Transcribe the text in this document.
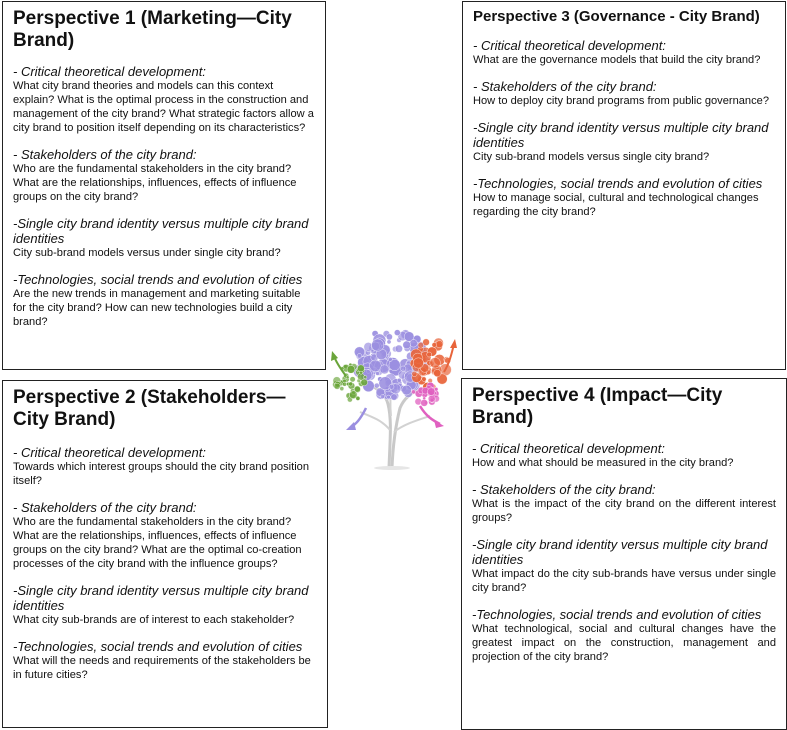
Perspective 1 (Marketing—City Brand)
- Critical theoretical development:
What city brand theories and models can this context explain? What is the optimal process in the construction and management of the city brand? What strategic factors allow a city brand to position itself depending on its characteristics?
- Stakeholders of the city brand:
Who are the fundamental stakeholders in the city brand? What are the relationships, influences, effects of influence groups on the city brand?
-Single city brand identity versus multiple city brand identities
City sub-brand models versus under single city brand?
-Technologies, social trends and evolution of cities
Are the new trends in management and marketing suitable for the city brand? How can new technologies build a city brand?
Perspective 3 (Governance - City Brand)
- Critical theoretical development:
What are the governance models that build the city brand?
- Stakeholders of the city brand:
How to deploy city brand programs from public governance?
-Single city brand identity versus multiple city brand identities
City sub-brand models versus single city brand?
-Technologies, social trends and evolution of cities
How to manage social, cultural and technological changes regarding the city brand?
Perspective 2 (Stakeholders—City Brand)
- Critical theoretical development:
Towards which interest groups should the city brand position itself?
- Stakeholders of the city brand:
Who are the fundamental stakeholders in the city brand? What are the relationships, influences, effects of influence groups on the city brand? What are the optimal co-creation processes of the city brand with the influence groups?
-Single city brand identity versus multiple city brand identities
What city sub-brands are of interest to each stakeholder?
-Technologies, social trends and evolution of cities
What will the needs and requirements of the stakeholders be in future cities?
Perspective 4 (Impact—City Brand)
- Critical theoretical development:
How and what should be measured in the city brand?
- Stakeholders of the city brand:
What is the impact of the city brand on the different interest groups?
-Single city brand identity versus multiple city brand identities
What impact do the city sub-brands have versus under single city brand?
-Technologies, social trends and evolution of cities
What technological, social and cultural changes have the greatest impact on the construction, management and projection of the city brand?
